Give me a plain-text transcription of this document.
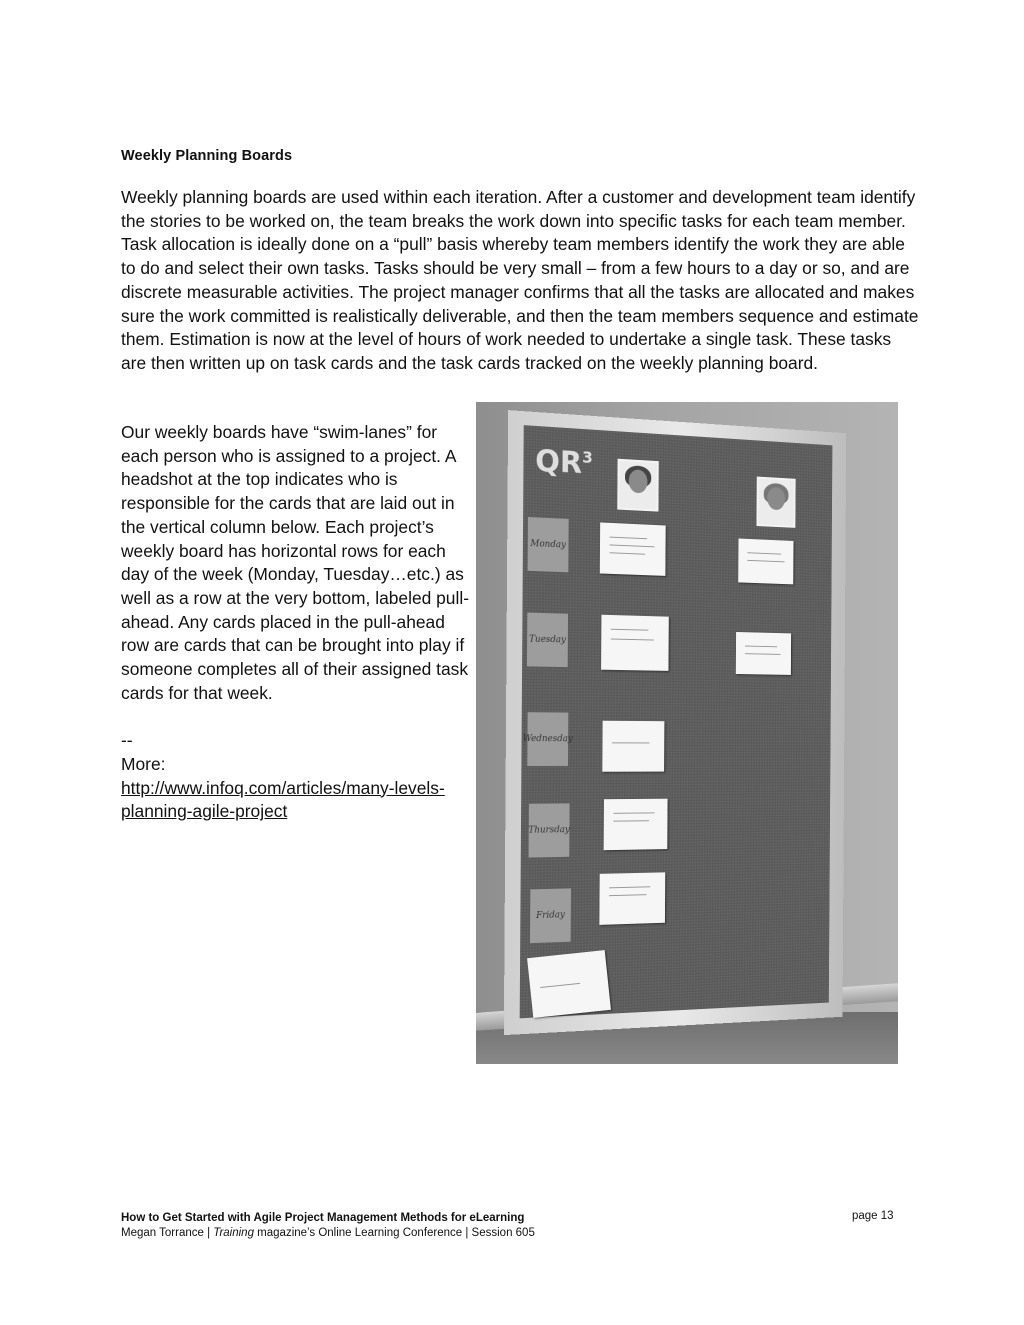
Weekly Planning Boards

Weekly planning boards are used within each iteration. After a customer and development team identify the stories to be worked on, the team breaks the work down into specific tasks for each team member. Task allocation is ideally done on a “pull” basis whereby team members identify the work they are able to do and select their own tasks. Tasks should be very small – from a few hours to a day or so, and are discrete measurable activities. The project manager confirms that all the tasks are allocated and makes sure the work committed is realistically deliverable, and then the team members sequence and estimate them. Estimation is now at the level of hours of work needed to undertake a single task. These tasks are then written up on task cards and the task cards tracked on the weekly planning board.

Our weekly boards have “swim-lanes” for each person who is assigned to a project. A headshot at the top indicates who is responsible for the cards that are laid out in the vertical column below. Each project’s weekly board has horizontal rows for each day of the week (Monday, Tuesday…etc.) as well as a row at the very bottom, labeled pull-ahead. Any cards placed in the pull-ahead row are cards that can be brought into play if someone completes all of their assigned task cards for that week.

--

More:

http://www.infoq.com/articles/many-levels- planning-agile-project
$QR^3$
Monday
Tuesday
Wednesday
Thursday
Friday
How to Get Started with Agile Project Management Methods for eLearning
Megan Torrance | Training magazine’s Online Learning Conference | Session 605
page 13
